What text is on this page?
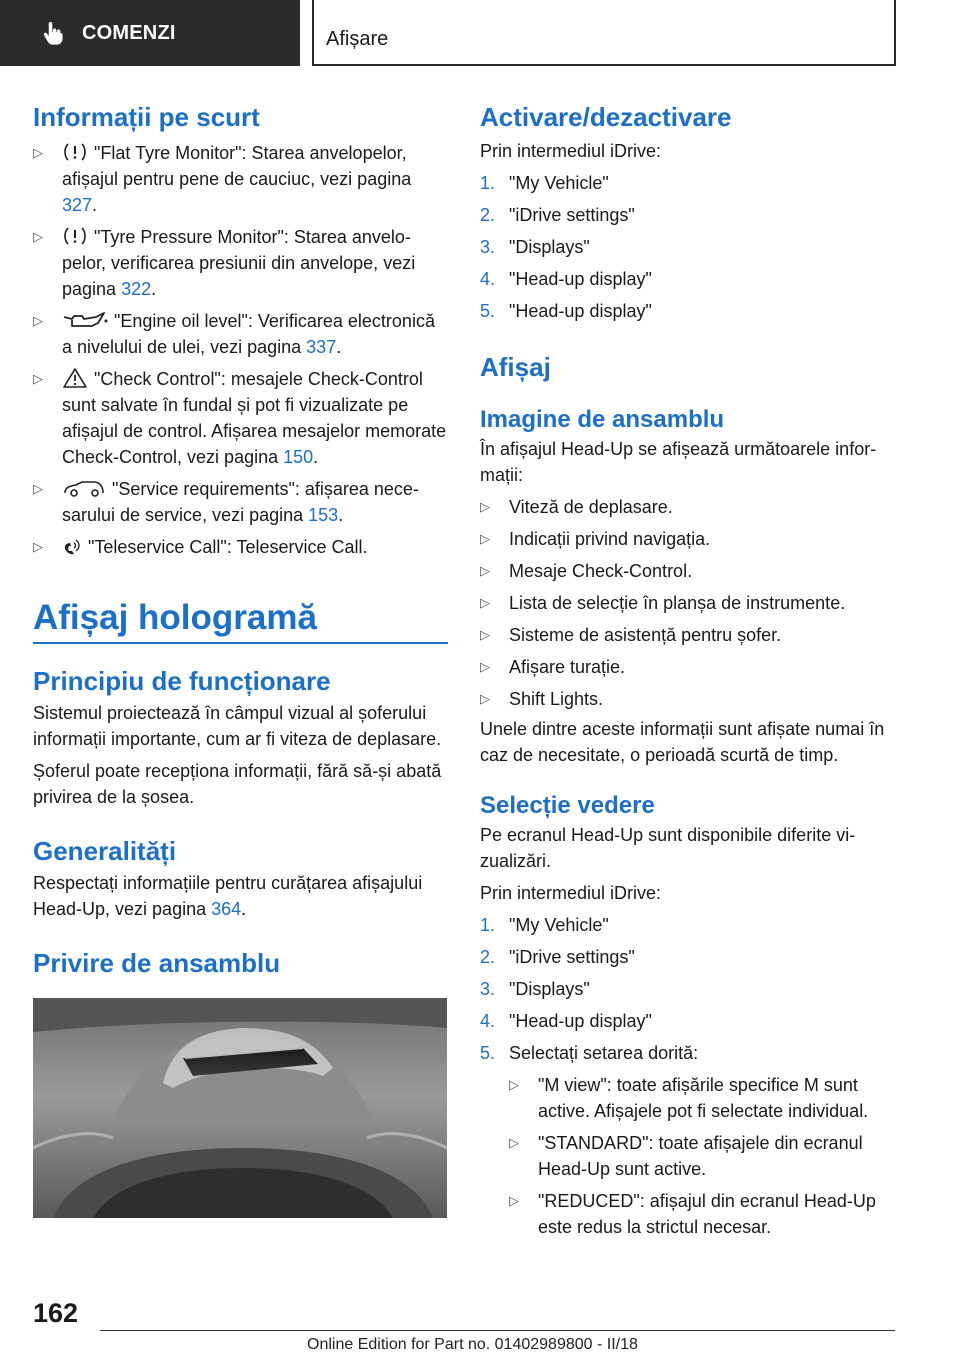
COMENZI	Afișare
Informații pe scurt
▷	"Flat Tyre Monitor": Starea anvelopelor, afișajul pentru pene de cauciuc, vezi pagina 327.
▷	"Tyre Pressure Monitor": Starea anvelopelor, verificarea presiunii din anvelope, vezi pagina 322.
▷	"Engine oil level": Verificarea electronică a nivelului de ulei, vezi pagina 337.
▷	"Check Control": mesajele Check-Control sunt salvate în fundal și pot fi vizualizate pe afișajul de control. Afișarea mesajelor memorate Check-Control, vezi pagina 150.
▷	"Service requirements": afișarea necesarului de service, vezi pagina 153.
▷	"Teleservice Call": Teleservice Call.
Afișaj hologramă
Principiu de funcționare

Sistemul proiectează în câmpul vizual al șoferului informații importante, cum ar fi viteza de deplasare.

Șoferul poate recepționa informații, fără să-și abată privirea de la șosea.

Generalități

Respectați informațiile pentru curățarea afișajului Head-Up, vezi pagina 364.

Privire de ansamblu
Activare/dezactivare

Prin intermediul iDrive:

1. "My Vehicle"
2. "iDrive settings"
3. "Displays"
4. "Head-up display"
5. "Head-up display"
Afișaj
Imagine de ansamblu

În afișajul Head-Up se afișează următoarele informații:

▷ Viteză de deplasare.
▷ Indicații privind navigația.
▷ Mesaje Check-Control.
▷ Lista de selecție în planșa de instrumente.
▷ Sisteme de asistență pentru șofer.
▷ Afișare turație.
▷ Shift Lights.

Unele dintre aceste informații sunt afișate numai în caz de necesitate, o perioadă scurtă de timp.

Selecție vedere

Pe ecranul Head-Up sunt disponibile diferite vizualizări.

Prin intermediul iDrive:

1. "My Vehicle"
2. "iDrive settings"
3. "Displays"
4. "Head-up display"
5. Selectați setarea dorită:
▷ "M view": toate afișările specifice M sunt active. Afișajele pot fi selectate individual.
▷ "STANDARD": toate afișajele din ecranul Head-Up sunt active.
▷ "REDUCED": afișajul din ecranul Head-Up este redus la strictul necesar.
162
Online Edition for Part no. 01402989800 - II/18
